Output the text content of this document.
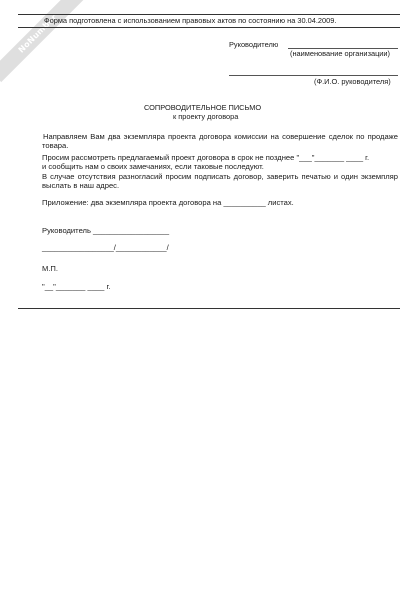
NoNumber
Форма подготовлена с использованием правовых актов по состоянию на 30.04.2009.
Руководителю
(наименование организации)
(Ф.И.О. руководителя)
СОПРОВОДИТЕЛЬНОЕ ПИСЬМО
к проекту договора
Направляем Вам два экземпляра проекта договора комиссии на совершение сделок по продаже товара.
Просим рассмотреть предлагаемый проект договора в срок не позднее "___"_______ ____ г.
и сообщить нам о своих замечаниях, если таковые последуют.
В случае отсутствия разногласий просим подписать договор, заверить печатью и один экземпляр выслать в наш адрес.
Приложение: два экземпляра проекта договора на __________ листах.
Руководитель __________________
_________________/____________/
М.П.
"__"_______ ____ г.
